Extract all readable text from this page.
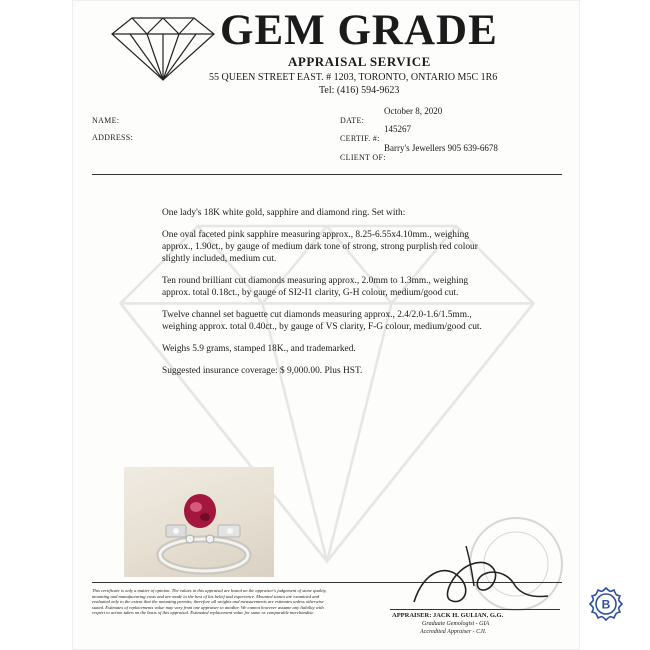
GEM GRADE
APPRAISAL SERVICE
55 QUEEN STREET EAST. # 1203, TORONTO, ONTARIO M5C 1R6
Tel: (416) 594-9623
NAME:
ADDRESS:
DATE:
October 8, 2020
CERTIF. #:
145267
CLIENT OF:
Barry's Jewellers 905 639-6678

One lady's 18K white gold, sapphire and diamond ring. Set with:

One oval faceted pink sapphire measuring approx., 8.25-6.55x4.10mm., weighing approx., 1.90ct., by gauge of medium dark tone of strong, strong purplish red colour slightly included, medium cut.

Ten round brilliant cut diamonds measuring approx., 2.0mm to 1.3mm., weighing approx. total 0.18ct., by gauge of SI2-I1 clarity, G-H colour, medium/good cut.

Twelve channel set baguette cut diamonds measuring approx., 2.4/2.0-1.6/1.5mm., weighing approx. total 0.40ct., by gauge of VS clarity, F-G colour, medium/good cut.

Weighs 5.9 grams, stamped 18K., and trademarked.

Suggested insurance coverage: $ 9,000.00. Plus HST.

This certificate is only a matter of opinion. The values in this appraisal are based on the appraiser's judgement of stone quality, mounting and manufacturing costs and are made to the best of his belief and experience. Mounted stones are examined and evaluated only to the extent that the mounting permits; therefore all weights and measurements are estimates unless otherwise stated. Estimates of replacements value may vary from one appraiser to another. We cannot however assume any liability with respect to action taken on the basis of this appraisal. Estimated replacement value for same or comparable merchandise.	APPRAISER: JACK H. GULIAN, G.G.
Graduate Gemologist - GIA
Accredited Appraiser - CJI.
B
